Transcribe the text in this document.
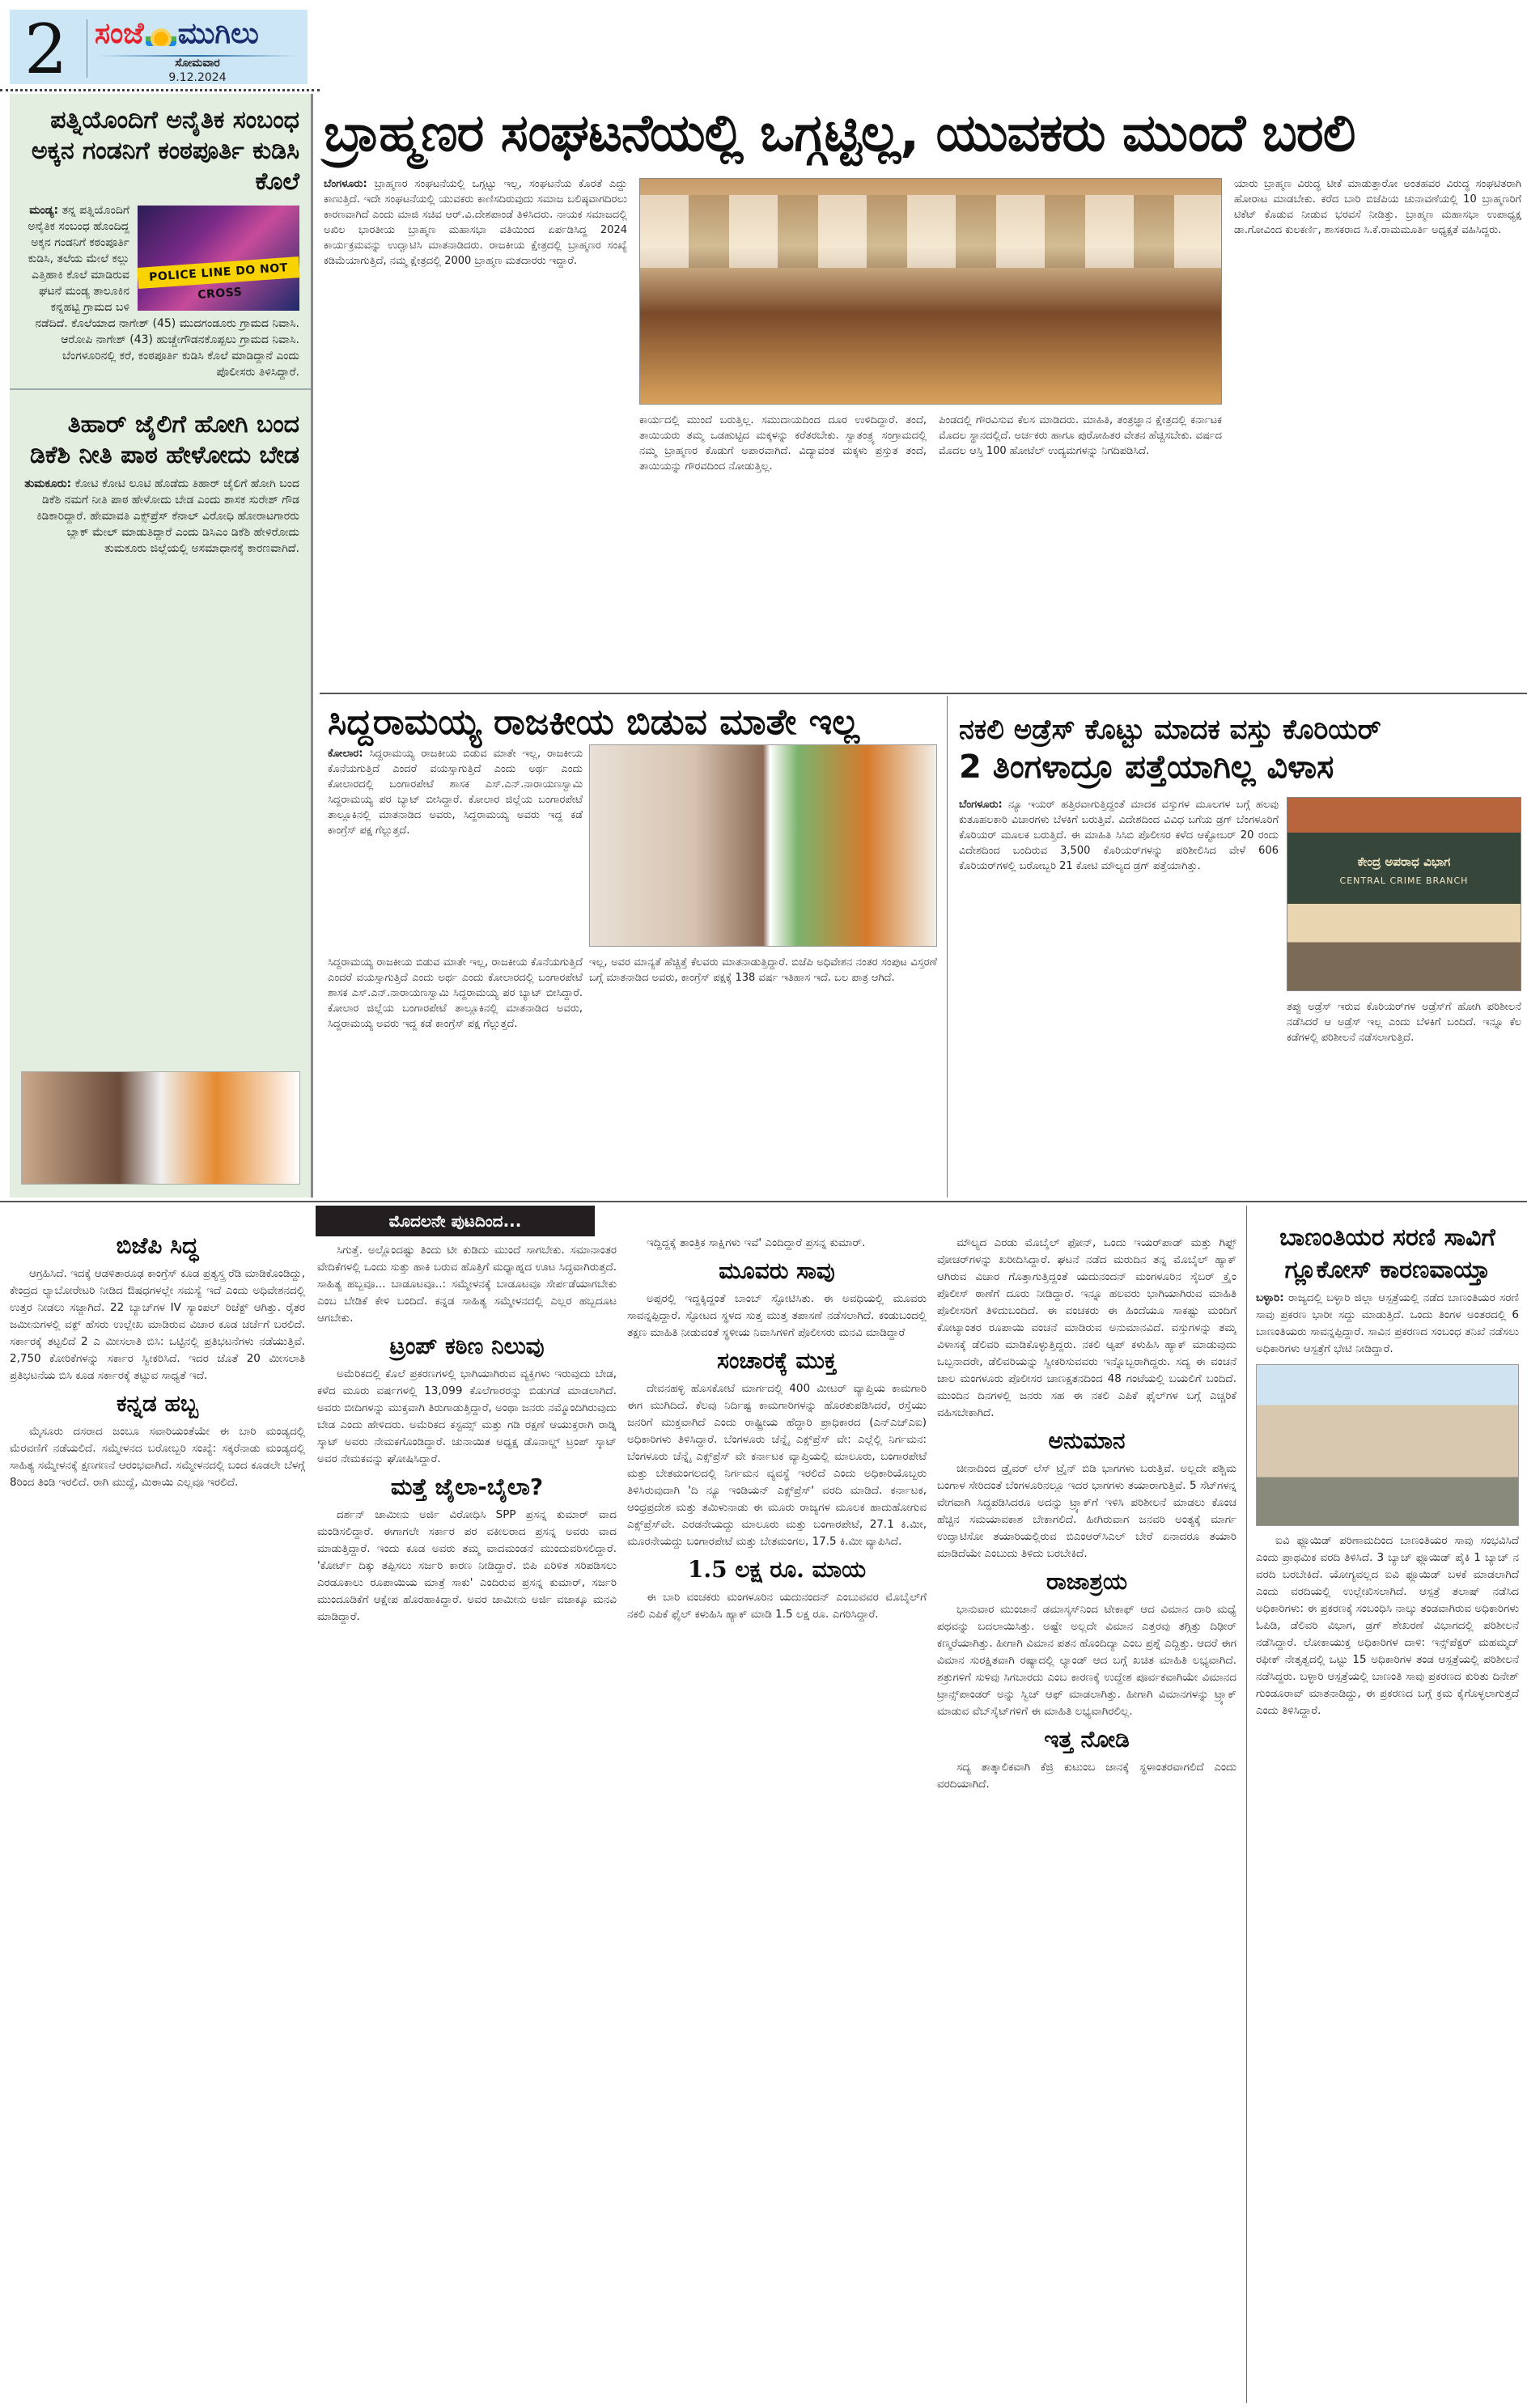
2 ಸಂಜೆ ಮುಗಿಲು
ಸೋಮವಾರ
9.12.2024
ಪತ್ನಿಯೊಂದಿಗೆ ಅನೈತಿಕ ಸಂಬಂಧ ಅಕ್ಕನ ಗಂಡನಿಗೆ ಕಂಠಪೂರ್ತಿ ಕುಡಿಸಿ ಕೊಲೆ
POLICE LINE DO NOT CROSS
ಮಂಡ್ಯ: ತನ್ನ ಪತ್ನಿಯೊಂದಿಗೆ ಅನೈತಿಕ ಸಂಬಂಧ ಹೊಂದಿದ್ದ ಅಕ್ಕನ ಗಂಡನಿಗೆ ಕಠಂಪೂರ್ತಿ ಕುಡಿಸಿ, ತಲೆಯ ಮೇಲೆ ಕಲ್ಲು ಎತ್ತಿಹಾಕಿ ಕೊಲೆ ಮಾಡಿರುವ ಘಟನೆ ಮಂಡ್ಯ ತಾಲೂಕಿನ ಕನ್ನಹಟ್ಟಿ ಗ್ರಾಮದ ಬಳಿ ನಡೆದಿದೆ. ಕೊಲೆಯಾದ ನಾಗೇಶ್ (45) ಮುದಗಂಡೂರು ಗ್ರಾಮದ ನಿವಾಸಿ. ಆರೋಪಿ ನಾಗೇಶ್ (43) ಹುಚ್ಚೇಗೌಡನಕೊಪ್ಪಲು ಗ್ರಾಮದ ನಿವಾಸಿ. ಬೆಂಗಳೂರಿನಲ್ಲಿ ಕರೆ, ಕಂಠಪೂರ್ತಿ ಕುಡಿಸಿ ಕೊಲೆ ಮಾಡಿದ್ದಾನೆ ಎಂದು ಪೊಲೀಸರು ತಿಳಿಸಿದ್ದಾರೆ.
ತಿಹಾರ್ ಜೈಲಿಗೆ ಹೋಗಿ ಬಂದ ಡಿಕೆಶಿ ನೀತಿ ಪಾಠ ಹೇಳೋದು ಬೇಡ
ತುಮಕೂರು: ಕೋಟಿ ಕೋಟಿ ಲೂಟಿ ಹೊಡೆದು ತಿಹಾರ್ ಜೈಲಿಗೆ ಹೋಗಿ ಬಂದ ಡಿಕೆಶಿ ನಮಗೆ ನೀತಿ ಪಾಠ ಹೇಳೋದು ಬೇಡ ಎಂದು ಶಾಸಕ ಸುರೇಶ್ ಗೌಡ ಕಿಡಿಕಾರಿದ್ದಾರೆ. ಹೇಮಾವತಿ ಎಕ್ಸ್‌ಪ್ರೆಸ್ ಕೆನಾಲ್ ವಿರೋಧಿ ಹೋರಾಟಗಾರರು ಬ್ಲಾಕ್ ಮೇಲ್ ಮಾಡುತಿದ್ದಾರೆ ಎಂದು ಡಿಸಿಎಂ ಡಿಕೆಶಿ ಹೇಳಿರೋದು ತುಮಕೂರು ಜಿಲ್ಲೆಯಲ್ಲಿ ಅಸಮಾಧಾನಕ್ಕೆ ಕಾರಣವಾಗಿದೆ.
ಬ್ರಾಹ್ಮಣರ ಸಂಘಟನೆಯಲ್ಲಿ ಒಗ್ಗಟ್ಟಿಲ್ಲ, ಯುವಕರು ಮುಂದೆ ಬರಲಿ
ಬೆಂಗಳೂರು: ಬ್ರಾಹ್ಮಣರ ಸಂಘಟನೆಯಲ್ಲಿ ಒಗ್ಗಟ್ಟು ಇಲ್ಲ, ಸಂಘಟನೆಯ ಕೊರತೆ ಎದ್ದು ಕಾಣುತ್ತಿದೆ. ಇದೇ ಸಂಘಟನೆಯಲ್ಲಿ ಯುವಕರು ಕಾಣಿಸದಿರುವುದು ಸಮಾಜ ಬಲಿಷ್ಠವಾಗದಿರಲು ಕಾರಣವಾಗಿದೆ ಎಂದು ಮಾಜಿ ಸಚಿವ ಆರ್.ವಿ.ದೇಶಪಾಂಡೆ ತಿಳಿಸಿದರು. ನಾಯಕ ಸಮಾಜದಲ್ಲಿ ಅಖಿಲ ಭಾರತೀಯ ಬ್ರಾಹ್ಮಣ ಮಹಾಸಭಾ ವತಿಯಿಂದ ಏರ್ಪಡಿಸಿದ್ದ 2024 ಕಾರ್ಯಕ್ರಮವನ್ನು ಉದ್ಘಾಟಿಸಿ ಮಾತನಾಡಿದರು. ರಾಜಕೀಯ ಕ್ಷೇತ್ರದಲ್ಲಿ ಬ್ರಾಹ್ಮಣರ ಸಂಖ್ಯೆ ಕಡಿಮೆಯಾಗುತ್ತಿದೆ, ನಮ್ಮ ಕ್ಷೇತ್ರದಲ್ಲಿ 2000 ಬ್ರಾಹ್ಮಣ ಮತದಾರರು ಇದ್ದಾರೆ.
ಕಾರ್ಯದಲ್ಲಿ ಮುಂದೆ ಬರುತ್ತಿಲ್ಲ. ಸಮುದಾಯದಿಂದ ದೂರ ಉಳಿದಿದ್ದಾರೆ. ತಂದೆ, ತಾಯಿಯರು ತಮ್ಮ ಒಡಹುಟ್ಟಿದ ಮಕ್ಕಳನ್ನು ಕರೆತರಬೇಕು. ಸ್ವಾತಂತ್ರ್ಯ ಸಂಗ್ರಾಮದಲ್ಲಿ ನಮ್ಮ ಬ್ರಾಹ್ಮಣರ ಕೊಡುಗೆ ಅಪಾರವಾಗಿದೆ. ವಿದ್ಯಾವಂತ ಮಕ್ಕಳು ಪ್ರಸ್ತುತ ತಂದೆ, ತಾಯಿಯನ್ನು ಗೌರವದಿಂದ ನೋಡುತ್ತಿಲ್ಲ.
ಪಿಂಡದಲ್ಲಿ ಗೌರವಿಸುವ ಕೆಲಸ ಮಾಡಿದರು. ಮಾಹಿತಿ, ತಂತ್ರಜ್ಞಾನ ಕ್ಷೇತ್ರದಲ್ಲಿ ಕರ್ನಾಟಕ ಮೊದಲ ಸ್ಥಾನದಲ್ಲಿದೆ. ಅರ್ಚಕರು ಹಾಗೂ ಪುರೋಹಿತರ ವೇತನ ಹೆಚ್ಚಿಸಬೇಕು. ವರ್ಷದ ಮೊದಲ ಆಸ್ತಿ 100 ಹೋಟೆಲ್ ಉದ್ಯಮಗಳನ್ನು ನಿಗದಿಪಡಿಸಿದೆ.
ಯಾರು ಬ್ರಾಹ್ಮಣ ವಿರುದ್ಧ ಟೀಕೆ ಮಾಡುತ್ತಾರೋ ಅಂತಹವರ ವಿರುದ್ಧ ಸಂಘಟಿತರಾಗಿ ಹೋರಾಟ ಮಾಡಬೇಕು. ಕರೆದ ಬಾರಿ ಬಿಜೆಪಿಯ ಚುನಾವಣೆಯಲ್ಲಿ 10 ಬ್ರಾಹ್ಮಣರಿಗೆ ಟಿಕೆಟ್ ಕೊಡುವ ನೀಡುವ ಭರವಸೆ ನೀಡಿತ್ತು. ಬ್ರಾಹ್ಮಣ ಮಹಾಸಭಾ ಉಪಾಧ್ಯಕ್ಷ ಡಾ.ಗೋವಿಂದ ಕುಲಕರ್ಣಿ, ಶಾಸಕರಾದ ಸಿ.ಕೆ.ರಾಮಮೂರ್ತಿ ಅಧ್ಯಕ್ಷತೆ ವಹಿಸಿದ್ದರು.
ಸಿದ್ದರಾಮಯ್ಯ ರಾಜಕೀಯ ಬಿಡುವ ಮಾತೇ ಇಲ್ಲ
ಕೋಲಾರ: ಸಿದ್ದರಾಮಯ್ಯ ರಾಜಕೀಯ ಬಿಡುವ ಮಾತೇ ಇಲ್ಲ, ರಾಜಕೀಯ ಕೊನೆಯಗುತ್ತಿದೆ ಎಂದರೆ ವಯಸ್ಸಾಗುತ್ತಿದೆ ಎಂದು ಅರ್ಥ ಎಂದು ಕೋಲಾರದಲ್ಲಿ ಬಂಗಾರಪೇಟೆ ಶಾಸಕ ಎಸ್.ಎನ್.ನಾರಾಯಣಸ್ವಾಮಿ ಸಿದ್ದರಾಮಯ್ಯ ಪರ ಬ್ಯಾಟ್ ಬೀಸಿದ್ದಾರೆ. ಕೋಲಾರ ಜಿಲ್ಲೆಯ ಬಂಗಾರಪೇಟೆ ತಾಲ್ಲೂಕಿನಲ್ಲಿ ಮಾತನಾಡಿದ ಅವರು, ಸಿದ್ದರಾಮಯ್ಯ ಅವರು ಇದ್ದ ಕಡೆ ಕಾಂಗ್ರೆಸ್ ಪಕ್ಷ ಗೆಲ್ಲುತ್ತದೆ.
ಇಲ್ಲ, ಅವರ ಮಾನ್ಯತೆ ಹೆಚ್ಚಿತ್ತೆ ಕೆಲವರು ಮಾತನಾಡುತ್ತಿದ್ದಾರೆ. ಬಿಜೆಪಿ ಅಧಿವೇಶನ ನಂತರ ಸಂಪುಟ ವಿಸ್ತರಣೆ ಬಗ್ಗೆ ಮಾತನಾಡಿದ ಅವರು, ಕಾಂಗ್ರೆಸ್ ಪಕ್ಷಕ್ಕೆ 138 ವರ್ಷ ಇತಿಹಾಸ ಇದೆ. ಬಲ ಪಾತ್ರ ಆಗಿದೆ.
ಸಿದ್ದರಾಮಯ್ಯ ರಾಜಕೀಯ ಬಿಡುವ ಮಾತೇ ಇಲ್ಲ, ರಾಜಕೀಯ ಕೊನೆಯಗುತ್ತಿದೆ ಎಂದರೆ ವಯಸ್ಸಾಗುತ್ತಿದೆ ಎಂದು ಅರ್ಥ ಎಂದು ಕೋಲಾರದಲ್ಲಿ ಬಂಗಾರಪೇಟೆ ಶಾಸಕ ಎಸ್.ಎನ್.ನಾರಾಯಣಸ್ವಾಮಿ ಸಿದ್ದರಾಮಯ್ಯ ಪರ ಬ್ಯಾಟ್ ಬೀಸಿದ್ದಾರೆ. ಕೋಲಾರ ಜಿಲ್ಲೆಯ ಬಂಗಾರಪೇಟೆ ತಾಲ್ಲೂಕಿನಲ್ಲಿ ಮಾತನಾಡಿದ ಅವರು, ಸಿದ್ದರಾಮಯ್ಯ ಅವರು ಇದ್ದ ಕಡೆ ಕಾಂಗ್ರೆಸ್ ಪಕ್ಷ ಗೆಲ್ಲುತ್ತದೆ.
ನಕಲಿ ಅಡ್ರೆಸ್ ಕೊಟ್ಟು ಮಾದಕ ವಸ್ತು ಕೊರಿಯರ್
2 ತಿಂಗಳಾದ್ರೂ ಪತ್ತೆಯಾಗಿಲ್ಲ ವಿಳಾಸ
ಬೆಂಗಳೂರು: ನ್ಯೂ ಇಯರ್ ಹತ್ತಿರವಾಗುತ್ತಿದ್ದಂತೆ ಮಾದಕ ವಸ್ತುಗಳ ಮೂಲಗಳ ಬಗ್ಗೆ ಹಲವು ಕುತೂಹಲಕಾರಿ ವಿಚಾರಗಳು ಬೆಳಕಿಗೆ ಬರುತ್ತಿವೆ. ವಿದೇಶದಿಂದ ವಿವಿಧ ಬಗೆಯ ಡ್ರಗ್ ಬೆಂಗಳೂರಿಗೆ ಕೊರಿಯರ್ ಮೂಲಕ ಬರುತ್ತಿದೆ. ಈ ಮಾಹಿತಿ ಸಿಸಿಬಿ ಪೊಲೀಸರ ಕಳೆದ ಆಕ್ಟೋಬರ್ 20 ರಂದು ವಿದೇಶದಿಂದ ಬಂದಿರುವ 3,500 ಕೊರಿಯರ್‌ಗಳನ್ನು ಪರಿಶೀಲಿಸಿದ ವೇಳೆ 606 ಕೊರಿಯರ್‌ಗಳಲ್ಲಿ ಬರೋಬ್ಬರಿ 21 ಕೋಟಿ ಮೌಲ್ಯದ ಡ್ರಗ್ ಪತ್ತೆಯಾಗಿತ್ತು.	ಕೇಂದ್ರ ಅಪರಾಧ ವಿಭಾಗ
CENTRAL CRIME BRANCH
ತಪ್ಪು ಅಡ್ರೆಸ್ ಇರುವ ಕೊರಿಯರ್‌ಗಳ ಅಡ್ರೆಸ್‌ಗೆ ಹೋಗಿ ಪರಿಶೀಲನೆ ನಡೆಸಿದರೆ ಆ ಅಡ್ರೆಸ್ ಇಲ್ಲ ಎಂದು ಬೆಳಕಿಗೆ ಬಂದಿದೆ. ಇನ್ನೂ ಕೆಲ ಕಡೆಗಳಲ್ಲಿ ಪರಿಶೀಲನೆ ನಡೆಸಲಾಗುತ್ತಿದೆ.
ಮೊದಲನೇ ಪುಟದಿಂದ...
ಬಿಜೆಪಿ ಸಿದ್ಧ
ಆಗ್ರಹಿಸಿದೆ. ಇದಕ್ಕೆ ಆಡಳಿತಾರೂಢ ಕಾಂಗ್ರೆಸ್ ಕೂಡ ಪ್ರತ್ಯಸ್ತ್ರ ರೆಡಿ ಮಾಡಿಕೊಂಡಿದ್ದು, ಕೇಂದ್ರದ ಲ್ಯಾಬೋರೇಟರಿ ನೀಡಿದ ಔಷಧಗಳಲ್ಲೇ ಸಮಸ್ಯೆ ಇದೆ ಎಂದು ಅಧಿವೇಶನದಲ್ಲಿ ಉತ್ತರ ನೀಡಲು ಸಜ್ಜಾಗಿದೆ. 22 ಬ್ಯಾಚ್‌ಗಳ IV ಸ್ಯಾಂಪಲ್ ರಿಜೆಕ್ಟ್ ಆಗಿತ್ತು. ರೈತರ ಜಮೀನುಗಳಲ್ಲಿ ವಕ್ಫ್ ಹೆಸರು ಉಲ್ಲೇಖ ಮಾಡಿರುವ ವಿಚಾರ ಕೂಡ ಚರ್ಚೆಗೆ ಬರಲಿದೆ. ಸರ್ಕಾರಕ್ಕೆ ತಟ್ಟಲಿದೆ 2 ಎ ಮೀಸಲಾತಿ ಬಿಸಿ: ಒಟ್ಟಿನಲ್ಲಿ ಪ್ರತಿಭಟನೆಗಳು ನಡೆಯುತ್ತಿವೆ. 2,750 ಕೋರಿಕೆಗಳನ್ನು ಸರ್ಕಾರ ಸ್ವೀಕರಿಸಿದೆ. ಇದರ ಜೊತೆ 20 ಮೀಸಲಾತಿ ಪ್ರತಿಭಟನೆಯ ಬಿಸಿ ಕೂಡ ಸರ್ಕಾರಕ್ಕೆ ತಟ್ಟುವ ಸಾಧ್ಯತೆ ಇದೆ.
ಕನ್ನಡ ಹಬ್ಬ
ಮೈಸೂರು ದಸರಾದ ಜಂಬೂ ಸವಾರಿಯಂತೆಯೇ ಈ ಬಾರಿ ಮಂಡ್ಯದಲ್ಲಿ ಮೆರವಣಿಗೆ ನಡೆಯಲಿದೆ. ಸಮ್ಮೇಳನದ ಬರೋಬ್ಬರಿ ಸಂಖ್ಯೆ: ಸಕ್ಕರೆನಾಡು ಮಂಡ್ಯದಲ್ಲಿ ಸಾಹಿತ್ಯ ಸಮ್ಮೇಳನಕ್ಕೆ ಕ್ಷಣಗಣನೆ ಆರಂಭವಾಗಿದೆ. ಸಮ್ಮೇಳನದಲ್ಲಿ ಬಂದ ಕೂಡಲೇ ಬೆಳಗ್ಗೆ 8ರಿಂದ ತಿಂಡಿ ಇರಲಿದೆ. ರಾಗಿ ಮುದ್ದೆ, ಮಿಠಾಯಿ ಎಲ್ಲವೂ ಇರಲಿದೆ.
ಸಿಗುತ್ತೆ. ಅಲ್ಲೊಂದಷ್ಟು ತಿಂದು ಟೀ ಕುಡಿದು ಮುಂದೆ ಸಾಗಬೇಕು. ಸಮಾನಾಂತರ ವೇದಿಕೆಗಳಲ್ಲಿ ಒಂದು ಸುತ್ತು ಹಾಕಿ ಬರುವ ಹೊತ್ತಿಗೆ ಮಧ್ಯಾಹ್ನದ ಊಟ ಸಿದ್ಧವಾಗಿರುತ್ತದೆ. ಸಾಹಿತ್ಯ ಹಬ್ಬವೂ... ಬಾಡೂಟವೂ..: ಸಮ್ಮೇಳನಕ್ಕೆ ಬಾಡೂಟವೂ ಸೇರ್ಪಡೆಯಾಗಬೇಕು ಎಂಬ ಬೇಡಿಕೆ ಕೇಳಿ ಬಂದಿದೆ. ಕನ್ನಡ ಸಾಹಿತ್ಯ ಸಮ್ಮೇಳನದಲ್ಲಿ ಎಲ್ಲರ ಹಬ್ಬದೂಟ ಆಗಬೇಕು.
ಟ್ರಂಪ್ ಕಠಿಣ ನಿಲುವು
ಅಮೆರಿಕದಲ್ಲಿ ಕೊಲೆ ಪ್ರಕರಣಗಳಲ್ಲಿ ಭಾಗಿಯಾಗಿರುವ ವ್ಯಕ್ತಿಗಳು ಇರುವುದು ಬೇಡ, ಕಳೆದ ಮೂರು ವರ್ಷಗಳಲ್ಲಿ 13,099 ಕೊಲೆಗಾರರನ್ನು ಬಿಡುಗಡೆ ಮಾಡಲಾಗಿದೆ. ಅವರು ಬೀದಿಗಳನ್ನು ಮುಕ್ತವಾಗಿ ತಿರುಗಾಡುತ್ತಿದ್ದಾರೆ, ಅಂಥಾ ಜನರು ನಮ್ಮೊಂದಿಗಿರುವುದು ಬೇಡ ಎಂದು ಹೇಳಿದರು. ಅಮೆರಿಕದ ಕಸ್ಟಮ್ಸ್ ಮತ್ತು ಗಡಿ ರಕ್ಷಣೆ ಆಯುಕ್ತರಾಗಿ ರಾಡ್ನಿ ಸ್ಕಾಟ್ ಅವರು ನೇಮಕಗೊಂಡಿದ್ದಾರೆ. ಚುನಾಯಿತ ಅಧ್ಯಕ್ಷ ಡೊನಾಲ್ಡ್ ಟ್ರಂಪ್ ಸ್ಕಾಟ್ ಅವರ ನೇಮಕವನ್ನು ಘೋಷಿಸಿದ್ದಾರೆ.
ಮತ್ತೆ ಜೈಲಾ-ಬೈಲಾ?
ದರ್ಶನ್ ಜಾಮೀನು ಅರ್ಜಿ ವಿರೋಧಿಸಿ SPP ಪ್ರಸನ್ನ ಕುಮಾರ್ ವಾದ ಮಂಡಿಸಲಿದ್ದಾರೆ. ಈಗಾಗಲೇ ಸರ್ಕಾರ ಪರ ವಕೀಲರಾದ ಪ್ರಸನ್ನ ಅವರು ವಾದ ಮಾಡುತ್ತಿದ್ದಾರೆ. ಇಂದು ಕೂಡ ಅವರು ತಮ್ಮ ವಾದಮಂಡನೆ ಮುಂದುವರಿಸಲಿದ್ದಾರೆ. 'ಕೋರ್ಟ್ ದಿಕ್ಕು ತಪ್ಪಿಸಲು ಸರ್ಜರಿ ಕಾರಣ ನೀಡಿದ್ದಾರೆ. ಬಿಪಿ ಏರಿಳಿತ ಸರಿಪಡಿಸಲು ಎರಡೂಕಾಲು ರೂಪಾಯಿಯ ಮಾತ್ರೆ ಸಾಕು' ಎಂದಿರುವ ಪ್ರಸನ್ನ ಕುಮಾರ್, ಸರ್ಜರಿ ಮುಂದೂಡಿಕೆಗೆ ಆಕ್ಷೇಪ ಹೊರಹಾಕಿದ್ದಾರೆ. ಅವರ ಜಾಮೀನು ಅರ್ಜಿ ವಜಾಕ್ಕೂ ಮನವಿ ಮಾಡಿದ್ದಾರೆ.
ಇದ್ದಿದ್ದಕ್ಕೆ ತಾಂತ್ರಿಕ ಸಾಕ್ಷಿಗಳು ಇವೆ' ಎಂದಿದ್ದಾರೆ ಪ್ರಸನ್ನ ಕುಮಾರ್.
ಮೂವರು ಸಾವು
ಅಪ್ಪರಲ್ಲಿ ಇದ್ದಕ್ಕಿದ್ದಂತೆ ಬಾಂಬ್ ಸ್ಫೋಟಿಸಿತು. ಈ ಅವಧಿಯಲ್ಲಿ ಮೂವರು ಸಾವನ್ನಪ್ಪಿದ್ದಾರೆ. ಸ್ಫೋಟದ ಸ್ಥಳದ ಸುತ್ತ ಮುತ್ತ ತಪಾಸಣೆ ನಡೆಸಲಾಗಿದೆ. ಕಂಡುಬಂದಲ್ಲಿ ತಕ್ಷಣ ಮಾಹಿತಿ ನೀಡುವಂತೆ ಸ್ಥಳೀಯ ನಿವಾಸಿಗಳಿಗೆ ಪೊಲೀಸರು ಮನವಿ ಮಾಡಿದ್ದಾರೆ
ಸಂಚಾರಕ್ಕೆ ಮುಕ್ತ
ದೇವನಹಳ್ಳಿ ಹೊಸಕೋಟೆ ಮಾರ್ಗದಲ್ಲಿ 400 ಮೀಟರ್ ವ್ಯಾಪ್ತಿಯ ಕಾಮಗಾರಿ ಈಗ ಮುಗಿದಿದೆ. ಕೆಲವು ನಿರ್ದಿಷ್ಟ ಕಾಮಗಾರಿಗಳನ್ನು ಹೊರತುಪಡಿಸಿದರೆ, ರಸ್ತೆಯು ಜನರಿಗೆ ಮುಕ್ತವಾಗಿದೆ ಎಂದು ರಾಷ್ಟ್ರೀಯ ಹೆದ್ದಾರಿ ಪ್ರಾಧಿಕಾರದ (ಎನ್‌ಎಚ್‌ಎಐ) ಅಧಿಕಾರಿಗಳು ತಿಳಿಸಿದ್ದಾರೆ. ಬೆಂಗಳೂರು ಚೆನ್ನೈ ಎಕ್ಸ್‌ಪ್ರೆಸ್ ವೇ: ಎಲ್ಲೆಲ್ಲಿ ನಿರ್ಗಮನ: ಬೆಂಗಳೂರು ಚೆನ್ನೈ ಎಕ್ಸ್‌ಪ್ರೆಸ್ ವೇ ಕರ್ನಾಟಕ ವ್ಯಾಪ್ತಿಯಲ್ಲಿ ಮಾಲೂರು, ಬಂಗಾರಪೇಟೆ ಮತ್ತು ಬೇತಮಂಗಲದಲ್ಲಿ ನಿರ್ಗಮನ ವ್ಯವಸ್ಥೆ ಇರಲಿದೆ ಎಂದು ಅಧಿಕಾರಿಯೊಬ್ಬರು ತಿಳಿಸಿರುವುದಾಗಿ 'ದಿ ನ್ಯೂ ಇಂಡಿಯನ್ ಎಕ್ಸ್‌ಪ್ರೆಸ್' ವರದಿ ಮಾಡಿದೆ. ಕರ್ನಾಟಕ, ಆಂಧ್ರಪ್ರದೇಶ ಮತ್ತು ತಮಿಳುನಾಡು ಈ ಮೂರು ರಾಜ್ಯಗಳ ಮೂಲಕ ಹಾದುಹೋಗುವ ಎಕ್ಸ್‌ಪ್ರೆಸ್‌ವೇ. ಎರಡನೇಯದ್ದು ಮಾಲೂರು ಮತ್ತು ಬಂಗಾರಪೇಟೆ, 27.1 ಕಿ.ಮೀ, ಮೂರನೇಯದ್ದು ಬಂಗಾರಪೇಟೆ ಮತ್ತು ಬೇತಮಂಗಲ, 17.5 ಕಿ.ಮೀ ವ್ಯಾಪಿಸಿದೆ.
1.5 ಲಕ್ಷ ರೂ. ಮಾಯ
ಈ ಬಾರಿ ವಂಚಕರು ಮಂಗಳೂರಿನ ಯದುನಂದನ್ ಎಂಬುವವರ ಮೊಬೈಲ್‌ಗೆ ನಕಲಿ ಎಪಿಕೆ ಫೈಲ್ ಕಳುಹಿಸಿ ಹ್ಯಾಕ್ ಮಾಡಿ 1.5 ಲಕ್ಷ ರೂ. ಎಗರಿಸಿದ್ದಾರೆ.
ಮೌಲ್ಯದ ಎರಡು ಮೊಬೈಲ್ ಫೋನ್, ಒಂದು ಇಯರ್‌ಪಾಡ್ ಮತ್ತು ಗಿಫ್ಟ್ ವೋಚರ್‌ಗಳನ್ನು ಖರೀದಿಸಿದ್ದಾರೆ. ಘಟನೆ ನಡೆದ ಮರುದಿನ ತನ್ನ ಮೊಬೈಲ್ ಹ್ಯಾಕ್ ಆಗಿರುವ ವಿಚಾರ ಗೊತ್ತಾಗುತ್ತಿದ್ದಂತೆ ಯದುನಂದನ್ ಮಂಗಳೂರಿನ ಸೈಬರ್ ಕ್ರೈಂ ಪೊಲೀಸ್ ಠಾಣೆಗೆ ದೂರು ನೀಡಿದ್ದಾರೆ. ಇನ್ನೂ ಹಲವರು ಭಾಗಿಯಾಗಿರುವ ಮಾಹಿತಿ ಪೊಲೀಸರಿಗೆ ತಿಳಿದುಬಂದಿದೆ. ಈ ವಂಚಕರು ಈ ಹಿಂದೆಯೂ ಸಾಕಷ್ಟು ಮಂದಿಗೆ ಕೋಟ್ಯಾಂತರ ರೂಪಾಯಿ ವಂಚನೆ ಮಾಡಿರುವ ಅನುಮಾನವಿದೆ. ವಸ್ತುಗಳನ್ನು ತಮ್ಮ ವಿಳಾಸಕ್ಕೆ ಡೆಲಿವರಿ ಮಾಡಿಕೊಳ್ಳುತ್ತಿದ್ದರು. ನಕಲಿ ಆ್ಯಪ್ ಕಳುಹಿಸಿ ಹ್ಯಾಕ್ ಮಾಡುವುದು ಒಬ್ಬನಾದರೇ, ಡೆಲಿವರಿಯನ್ನು ಸ್ವೀಕರಿಸುವವರು ಇನ್ನೊಬ್ಬರಾಗಿದ್ದರು. ಸದ್ಯ ಈ ವಂಚನೆ ಜಾಲ ಮಂಗಳೂರು ಪೊಲೀಸರ ಚಾಣಕ್ಷತನದಿಂದ 48 ಗಂಟೆಯಲ್ಲಿ ಬಯಲಿಗೆ ಬಂದಿದೆ. ಮುಂದಿನ ದಿನಗಳಲ್ಲಿ ಜನರು ಸಹ ಈ ನಕಲಿ ಎಪಿಕೆ ಫೈಲ್‌ಗಳ ಬಗ್ಗೆ ಎಚ್ಚರಿಕೆ ವಹಿಸಬೇಕಾಗಿದೆ.
ಅನುಮಾನ
ಚೀನಾದಿಂದ ಡ್ರೈವರ್ ಲೆಸ್ ಟ್ರೈನ್ ಬಿಡಿ ಭಾಗಗಳು ಬರುತ್ತಿವೆ. ಅಲ್ಲದೇ ಪಶ್ಚಿಮ ಬಂಗಾಳ ಸೇರಿದಂತೆ ಬೆಂಗಳೂರಿನಲ್ಲೂ ಇದರ ಭಾಗಗಳು ತಯಾರಾಗುತ್ತಿವೆ. 5 ಸೆಟ್‌ಗಳನ್ನ ವೇಗವಾಗಿ ಸಿದ್ಧಪಡಿಸಿದರೂ ಅದನ್ನು ಟ್ರ್ಯಾಕ್‌ಗೆ ಇಳಿಸಿ ಪರಿಶೀಲನೆ ಮಾಡಲು ಕೊಂಚ ಹೆಚ್ಚಿನ ಸಮಯಾವಕಾಶ ಬೇಕಾಗಲಿದೆ. ಹೀಗಿರುವಾಗ ಜನವರಿ ಅಂತ್ಯಕ್ಕೆ ಮಾರ್ಗ ಉದ್ಘಾಟಿಸೋ ತಯಾರಿಯಲ್ಲಿರುವ ಬಿಎಂಆರ್‌ಸಿಎಲ್ ಬೇರೆ ಏನಾದರೂ ತಯಾರಿ ಮಾಡಿದೆಯೇ ಎಂಬುದು ತಿಳಿದು ಬರಬೇಕಿದೆ.
ರಾಜಾಶ್ರಯ
ಭಾನುವಾರ ಮುಂಜಾನೆ ಡಮಾಸ್ಕಸ್‌ನಿಂದ ಟೇಕಾಫ್ ಆದ ವಿಮಾನ ದಾರಿ ಮಧ್ಯೆ ಪಥವನ್ನು ಬದಲಾಯಿಸಿತ್ತು. ಅಷ್ಟೇ ಅಲ್ಲದೇ ವಿಮಾನ ಎತ್ತರವು ತಗ್ಗಿತ್ತು ದಿಢೀರ್ ಕಣ್ಮರೆಯಾಗಿತ್ತು. ಹೀಗಾಗಿ ವಿಮಾನ ಪತನ ಹೊಂದಿದ್ಯಾ ಎಂಬ ಪ್ರಶ್ನೆ ಎದ್ದಿತ್ತು. ಆದರೆ ಈಗ ವಿಮಾನ ಸುರಕ್ಷಿತವಾಗಿ ರಷ್ಯಾದಲ್ಲಿ ಲ್ಯಾಂಡ್ ಆದ ಬಗ್ಗೆ ಖಚಿತ ಮಾಹಿತಿ ಲಭ್ಯವಾಗಿದೆ. ಶತ್ರುಗಳಿಗೆ ಸುಳಿವು ಸಿಗಬಾರದು ಎಂಬ ಕಾರಣಕ್ಕೆ ಉದ್ದೇಶ ಪೂರ್ವಕವಾಗಿಯೇ ವಿಮಾನದ ಟ್ರಾನ್ಸ್‌ಪಾಂಡರ್ ಅನ್ನು ಸ್ವಿಚ್ ಆಫ್ ಮಾಡಲಾಗಿತ್ತು. ಹೀಗಾಗಿ ವಿಮಾನಗಳನ್ನು ಟ್ರ್ಯಾಕ್ ಮಾಡುವ ವೆಬ್‌ಸೈಟ್‌ಗಳಿಗೆ ಈ ಮಾಹಿತಿ ಲಭ್ಯವಾಗಿರಲಿಲ್ಲ.
ಇತ್ತ ನೋಡಿ
ಸದ್ಯ ತಾತ್ಕಾಲಿಕವಾಗಿ ಕೆಜ್ರಿ ಕುಟುಂಬ ಜಾನಕ್ಕೆ ಸ್ಥಳಾಂತರವಾಗಲಿದೆ ಎಂದು ವರದಿಯಾಗಿದೆ.
ಬಾಣಂತಿಯರ ಸರಣಿ ಸಾವಿಗೆ ಗ್ಲೂಕೋಸ್ ಕಾರಣವಾಯ್ತಾ
ಬಳ್ಳಾರಿ: ರಾಜ್ಯದಲ್ಲಿ ಬಳ್ಳಾರಿ ಜಿಲ್ಲಾ ಆಸ್ಪತ್ರೆಯಲ್ಲಿ ನಡೆದ ಬಾಣಂತಿಯರ ಸರಣಿ ಸಾವು ಪ್ರಕರಣ ಭಾರೀ ಸದ್ದು ಮಾಡುತ್ತಿದೆ. ಒಂದು ತಿಂಗಳ ಅಂತರದಲ್ಲಿ 6 ಬಾಣಂತಿಯರು ಸಾವನ್ನಪ್ಪಿದ್ದಾರೆ. ಸಾವಿನ ಪ್ರಕರಣದ ಸಂಬಂಧ ತನಿಖೆ ನಡೆಸಲು ಅಧಿಕಾರಿಗಳು ಆಸ್ಪತ್ರೆಗೆ ಭೇಟಿ ನೀಡಿದ್ದಾರೆ.
ಐವಿ ಫ್ಲೂಯಿಡ್ ಪರಿಣಾಮದಿಂದ ಬಾಣಂತಿಯರ ಸಾವು ಸಂಭವಿಸಿದೆ ಎಂದು ಪ್ರಾಥಮಿಕ ವರದಿ ತಿಳಿಸಿದೆ. 3 ಬ್ಯಾಚ್ ಫ್ಲೂಯಿಡ್ ಪೈಕಿ 1 ಬ್ಯಾಚ್ ನ ವರದಿ ಬರಬೇಕಿದೆ. ಯೋಗ್ಯವಲ್ಲದ ಐವಿ ಫ್ಲೂಯಿಡ್ ಬಳಕೆ ಮಾಡಲಾಗಿದೆ ಎಂದು ವರದಿಯಲ್ಲಿ ಉಲ್ಲೇಖಿಸಲಾಗಿದೆ. ಆಸ್ಪತ್ರೆ ತಲಾಷ್ ನಡೆಸಿದ ಅಧಿಕಾರಿಗಳು: ಈ ಪ್ರಕರಣಕ್ಕೆ ಸಂಬಂಧಿಸಿ ನಾಲ್ಕು ತಂಡವಾಗಿರುವ ಅಧಿಕಾರಿಗಳು ಓಪಿಡಿ, ಡೆಲಿವರಿ ವಿಭಾಗ, ಡ್ರಗ್ ಶೇಖರಣೆ ವಿಭಾಗದಲ್ಲಿ ಪರಿಶೀಲನೆ ನಡೆಸಿದ್ದಾರೆ. ಲೋಕಾಯುಕ್ತ ಅಧಿಕಾರಿಗಳ ದಾಳಿ: ಇನ್ಸ್‌ಪೆಕ್ಟರ್ ಮಹಮ್ಮದ್ ರಫೀಕ್ ನೇತೃತ್ವದಲ್ಲಿ ಒಟ್ಟು 15 ಅಧಿಕಾರಿಗಳ ತಂಡ ಆಸ್ಪತ್ರೆಯಲ್ಲಿ ಪರಿಶೀಲನೆ ನಡೆಸಿದ್ದರು. ಬಳ್ಳಾರಿ ಆಸ್ಪತ್ರೆಯಲ್ಲಿ ಬಾಣಂತಿ ಸಾವು ಪ್ರಕರಣದ ಕುರಿತು ದಿನೇಶ್ ಗುಂಡೂರಾವ್ ಮಾತನಾಡಿದ್ದು, ಈ ಪ್ರಕರಣದ ಬಗ್ಗೆ ಕ್ರಮ ಕೈಗೊಳ್ಳಲಾಗುತ್ತದೆ ಎಂದು ತಿಳಿಸಿದ್ದಾರೆ.
